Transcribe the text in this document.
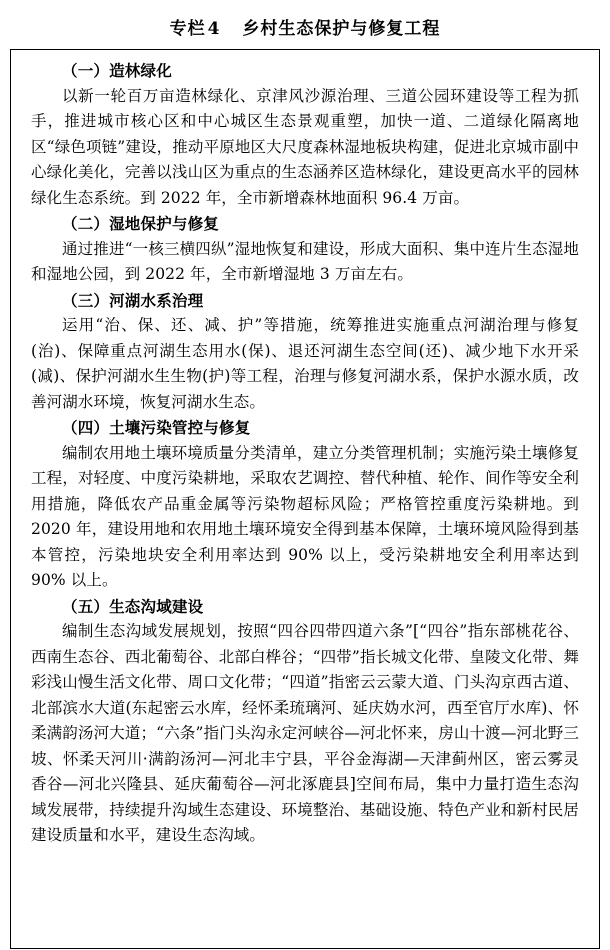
专栏 4 乡村生态保护与修复工程
（一）造林绿化

以新一轮百万亩造林绿化、京津风沙源治理、三道公园环建设等工程为抓手，推进城市核心区和中心城区生态景观重塑，加快一道、二道绿化隔离地区“绿色项链”建设，推动平原地区大尺度森林湿地板块构建，促进北京城市副中心绿化美化，完善以浅山区为重点的生态涵养区造林绿化，建设更高水平的园林绿化生态系统。到 2022 年，全市新增森林地面积 96.4 万亩。

（二）湿地保护与修复

通过推进“一核三横四纵”湿地恢复和建设，形成大面积、集中连片生态湿地和湿地公园，到 2022 年，全市新增湿地 3 万亩左右。

（三）河湖水系治理

运用“治、保、还、减、护”等措施，统筹推进实施重点河湖治理与修复(治)、保障重点河湖生态用水(保)、退还河湖生态空间(还)、减少地下水开采(减)、保护河湖水生生物(护)等工程，治理与修复河湖水系，保护水源水质，改善河湖水环境，恢复河湖水生态。

（四）土壤污染管控与修复

编制农用地土壤环境质量分类清单，建立分类管理机制；实施污染土壤修复工程，对轻度、中度污染耕地，采取农艺调控、替代种植、轮作、间作等安全利用措施，降低农产品重金属等污染物超标风险；严格管控重度污染耕地。到 2020 年，建设用地和农用地土壤环境安全得到基本保障，土壤环境风险得到基本管控，污染地块安全利用率达到 90% 以上，受污染耕地安全利用率达到 90% 以上。

（五）生态沟域建设

编制生态沟域发展规划，按照“四谷四带四道六条”[“四谷”指东部桃花谷、西南生态谷、西北葡萄谷、北部白桦谷；“四带”指长城文化带、皇陵文化带、舞彩浅山慢生活文化带、周口文化带；“四道”指密云云蒙大道、门头沟京西古道、北部滨水大道(东起密云水库，经怀柔琉璃河、延庆妫水河，西至官厅水库)、怀柔满韵汤河大道；“六条”指门头沟永定河峡谷—河北怀来，房山十渡—河北野三坡、怀柔天河川·满韵汤河—河北丰宁县，平谷金海湖—天津蓟州区，密云雾灵香谷—河北兴隆县、延庆葡萄谷—河北涿鹿县]空间布局，集中力量打造生态沟域发展带，持续提升沟域生态建设、环境整治、基础设施、特色产业和新村民居建设质量和水平，建设生态沟域。
